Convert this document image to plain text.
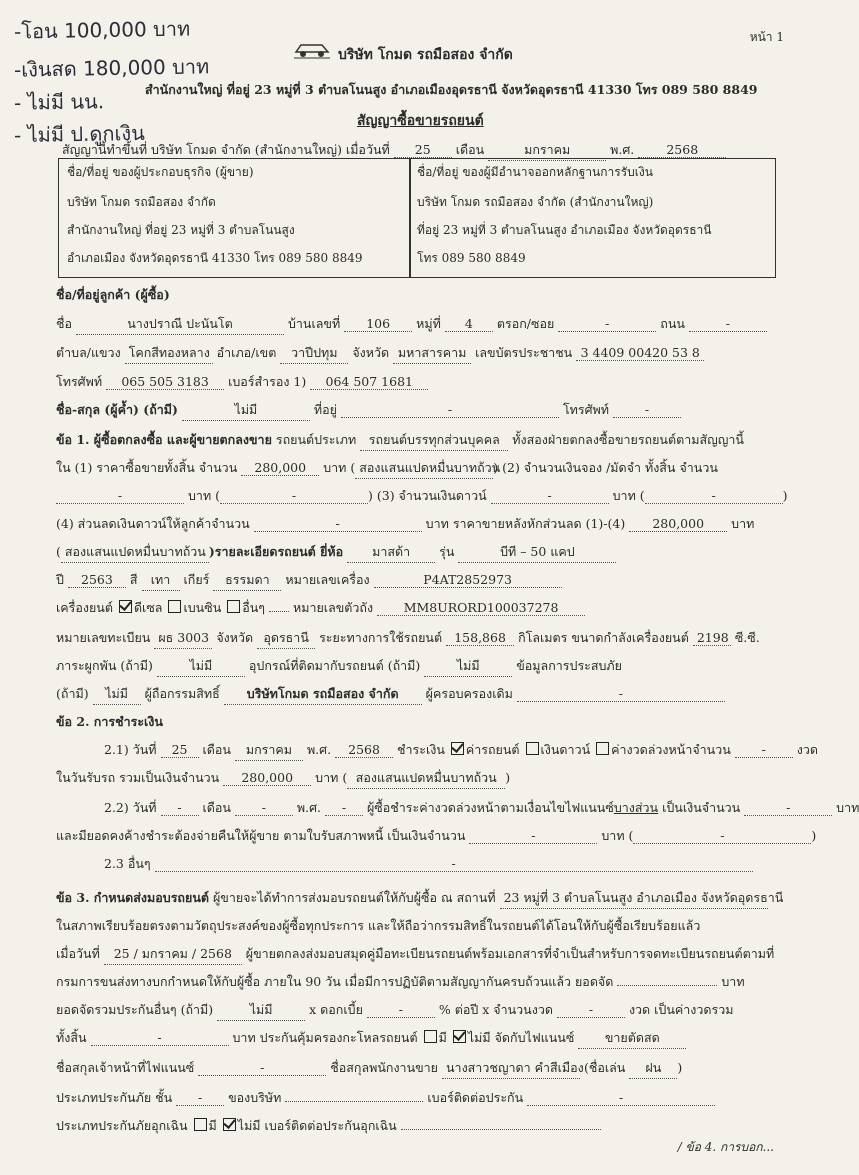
-โอน 100,000 บาท
-เงินสด 180,000 บาท
- ไม่มี นน.
- ไม่มี ป.ดูกเงิน
หน้า 1
บริษัท โกมด รถมือสอง จำกัด
สำนักงานใหญ่ ที่อยู่ 23 หมู่ที่ 3 ตำบลโนนสูง อำเภอเมืองอุดรธานี จังหวัดอุดรธานี 41330 โทร 089 580 8849
สัญญาซื้อขายรถยนต์
สัญญานี้ทำขึ้นที่ บริษัท โกมด จำกัด (สำนักงานใหญ่) เมื่อวันที่ 25 เดือน	มกราคม	พ.ศ.	2568
ชื่อ/ที่อยู่ ของผู้ประกอบธุรกิจ (ผู้ขาย)
บริษัท โกมด รถมือสอง จำกัด
สำนักงานใหญ่ ที่อยู่ 23 หมู่ที่ 3 ตำบลโนนสูง
อำเภอเมือง จังหวัดอุดรธานี 41330 โทร 089 580 8849
ชื่อ/ที่อยู่ ของผู้มีอำนาจออกหลักฐานการรับเงิน
บริษัท โกมด รถมือสอง จำกัด (สำนักงานใหญ่)
ที่อยู่ 23 หมู่ที่ 3 ตำบลโนนสูง อำเภอเมือง จังหวัดอุดรธานี
โทร 089 580 8849
ชื่อ/ที่อยู่ลูกค้า (ผู้ซื้อ)
ชื่อ	นางปราณี ปะนันโต	บ้านเลขที่ 106 หมู่ที่ 4 ตรอก/ซอย	-	ถนน	-
ตำบล/แขวง โคกสีทองหลาง อำเภอ/เขต วาปีปทุม จังหวัด มหาสารคาม เลขบัตรประชาชน 3 4409 00420 53 8
โทรศัพท์ 065 505 3183 เบอร์สำรอง 1) 064 507 1681
ชื่อ-สกุล (ผู้ค้ำ) (ถ้ามี)	ไม่มี	ที่อยู่	-	โทรศัพท์	-
ข้อ 1. ผู้ซื้อตกลงซื้อ และผู้ขายตกลงขาย รถยนต์ประเภท รถยนต์บรรทุกส่วนบุคคล ทั้งสองฝ่ายตกลงซื้อขายรถยนต์ตามสัญญานี้
ใน (1) ราคาซื้อขายทั้งสิ้น จำนวน 280,000 บาท ( สองแสนแปดหมื่นบาทถ้วน) (2) จำนวนเงินจอง /มัดจำ ทั้งสิ้น จำนวน
-	บาท (	-	) (3) จำนวนเงินดาวน์	-	บาท (	-	)
(4) ส่วนลดเงินดาวน์ให้ลูกค้าจำนวน	-	บาท ราคาขายหลังหักส่วนลด (1)-(4) 280,000 บาท
( สองแสนแปดหมื่นบาทถ้วน )รายละเอียดรถยนต์ ยี่ห้อ มาสด้า รุ่น	บีที – 50 แคป
ปี 2563 สี เทา เกียร์ ธรรมดา หมายเลขเครื่อง	P4AT2852973
เครื่องยนต์ ดีเซล เบนซิน อื่นๆ หมายเลขตัวถัง MM8URORD100037278
หมายเลขทะเบียน ผธ 3003 จังหวัด อุดรธานี ระยะทางการใช้รถยนต์ 158,868 กิโลเมตร ขนาดกำลังเครื่องยนต์ 2198 ซี.ซี.
ภาระผูกพัน (ถ้ามี)	ไม่มี	อุปกรณ์ที่ติดมากับรถยนต์ (ถ้ามี)	ไม่มี	ข้อมูลการประสบภัย
(ถ้ามี) ไม่มี ผู้ถือกรรมสิทธิ์ บริษัทโกมด รถมือสอง จำกัด ผู้ครอบครองเดิม	-
ข้อ 2. การชำระเงิน
2.1) วันที่ 25 เดือน มกราคม พ.ศ. 2568 ชำระเงิน ค่ารถยนต์ เงินดาวน์ ค่างวดล่วงหน้าจำนวน - งวด
ในวันรับรถ รวมเป็นเงินจำนวน 280,000 บาท ( สองแสนแปดหมื่นบาทถ้วน )
2.2) วันที่ - เดือน - พ.ศ. - ผู้ซื้อชำระค่างวดล่วงหน้าตามเงื่อนไขไฟแนนซ์บางส่วน เป็นเงินจำนวน	-	บาท
และมียอดคงค้างชำระต้องจ่ายคืนให้ผู้ขาย ตามใบรับสภาพหนี้ เป็นเงินจำนวน	-	บาท (	-	)
2.3 อื่นๆ	-
ข้อ 3. กำหนดส่งมอบรถยนต์ ผู้ขายจะได้ทำการส่งมอบรถยนต์ให้กับผู้ซื้อ ณ สถานที่ 23 หมู่ที่ 3 ตำบลโนนสูง อำเภอเมือง จังหวัดอุดรธานี
ในสภาพเรียบร้อยตรงตามวัตถุประสงค์ของผู้ซื้อทุกประการ และให้ถือว่ากรรมสิทธิ์ในรถยนต์ได้โอนให้กับผู้ซื้อเรียบร้อยแล้ว
เมื่อวันที่ 25 / มกราคม / 2568 ผู้ขายตกลงส่งมอบสมุดคู่มือทะเบียนรถยนต์พร้อมเอกสารที่จำเป็นสำหรับการจดทะเบียนรถยนต์ตามที่
กรมการขนส่งทางบกกำหนดให้กับผู้ซื้อ ภายใน 90 วัน เมื่อมีการปฏิบัติตามสัญญากันครบถ้วนแล้ว ยอดจัด	บาท
ยอดจัดรวมประกันอื่นๆ (ถ้ามี)	ไม่มี	x ดอกเบี้ย	-	% ต่อปี x จำนวนงวด	-	งวด เป็นค่างวดรวม
ทั้งสิ้น	-	บาท ประกันคุ้มครองกะโหลรถยนต์ มี ไม่มี จัดกับไฟแนนซ์ ขายตัดสด
ชื่อสกุลเจ้าหน้าที่ไฟแนนซ์	-	ชื่อสกุลพนักงานขาย นางสาวชญาดา คำสีเมือง (ชื่อเล่น ฝน )
ประเภทประกันภัย ชั้น - ของบริษัท	เบอร์ติดต่อประกัน	-
ประเภทประกันภัยอุกเฉิน มี ไม่มี เบอร์ติดต่อประกันอุกเฉิน
/ ข้อ 4. การบอก...
